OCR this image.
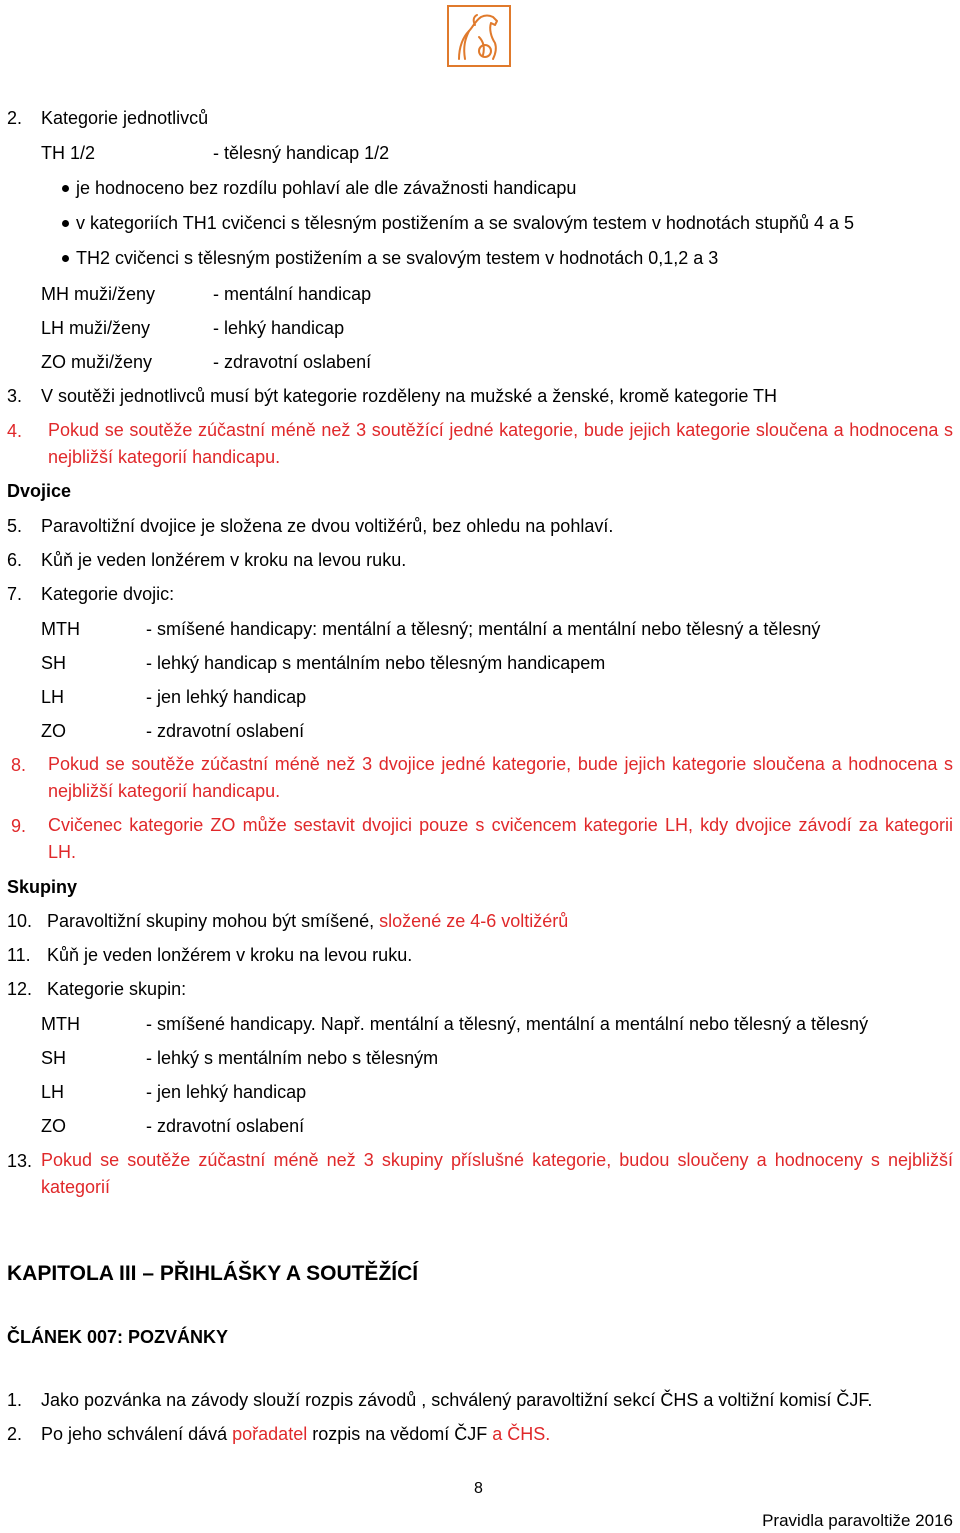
2. Kategorie jednotlivců
TH 1/2	- tělesný handicap 1/2
je hodnoceno bez rozdílu pohlaví ale dle závažnosti handicapu
v kategoriích TH1 cvičenci s tělesným postižením a se svalovým testem v hodnotách stupňů 4 a 5
TH2 cvičenci s tělesným postižením a se svalovým testem v hodnotách 0,1,2 a 3
MH muži/ženy	- mentální handicap
LH muži/ženy	- lehký handicap
ZO muži/ženy	- zdravotní oslabení
3. V soutěži jednotlivců musí být kategorie rozděleny na mužské a ženské, kromě kategorie TH
4. Pokud se soutěže zúčastní méně než 3 soutěžící jedné kategorie, bude jejich kategorie sloučena a hodnocena s nejbližší kategorií handicapu.
Dvojice
5. Paravoltižní dvojice je složena ze dvou voltižérů, bez ohledu na pohlaví.
6. Kůň je veden lonžérem v kroku na levou ruku.
7. Kategorie dvojic:
MTH	- smíšené handicapy: mentální a tělesný; mentální a mentální nebo tělesný a tělesný
SH	- lehký handicap s mentálním nebo tělesným handicapem
LH	- jen lehký handicap
ZO	- zdravotní oslabení
8. Pokud se soutěže zúčastní méně než 3 dvojice jedné kategorie, bude jejich kategorie sloučena a hodnocena s nejbližší kategorií handicapu.
9. Cvičenec kategorie ZO může sestavit dvojici pouze s cvičencem kategorie LH, kdy dvojice závodí za kategorii LH.
Skupiny
10. Paravoltižní skupiny mohou být smíšené, složené ze 4-6 voltižérů
11. Kůň je veden lonžérem v kroku na levou ruku.
12. Kategorie skupin:
MTH	- smíšené handicapy. Např. mentální a tělesný, mentální a mentální nebo tělesný a tělesný
SH	- lehký s mentálním nebo s tělesným
LH	- jen lehký handicap
ZO	- zdravotní oslabení
13. Pokud se soutěže zúčastní méně než 3 skupiny příslušné kategorie, budou sloučeny a hodnoceny s nejbližší kategorií
KAPITOLA III – PŘIHLÁŠKY A SOUTĚŽÍCÍ
ČLÁNEK 007: POZVÁNKY
1. Jako pozvánka na závody slouží rozpis závodů , schválený paravoltižní sekcí ČHS a voltižní komisí ČJF.
2. Po jeho schválení dává pořadatel rozpis na vědomí ČJF a ČHS.
8
Pravidla paravoltiže 2016
